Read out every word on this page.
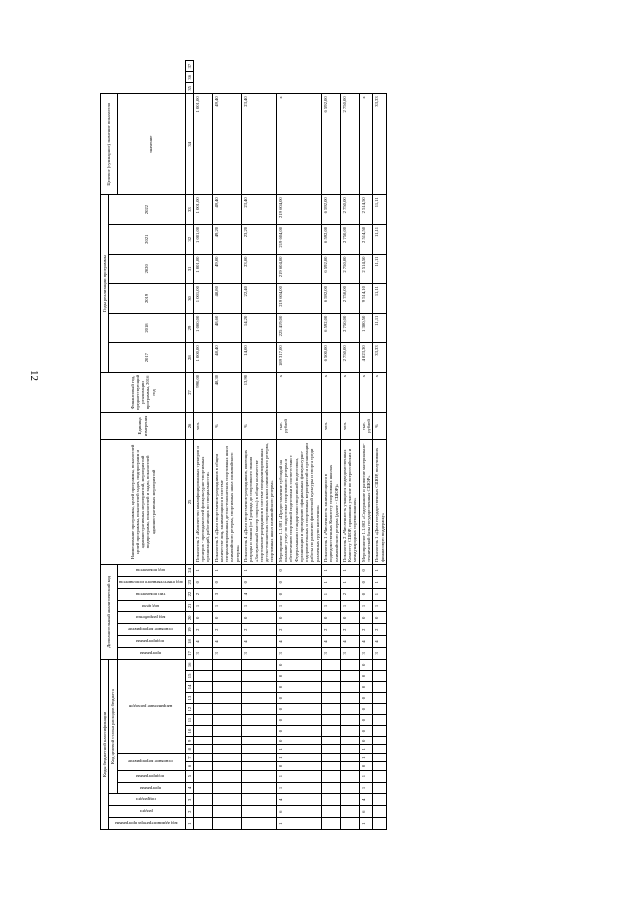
12
Коды бюджетной классификации																Дополнительный аналитический код								Наименование программы, целей программы, показателей целей программы, показателей задач, подпрограмм и административных мероприятий, мероприятий подпрограмм, показателей и задач, показателей административных мероприятий	Единица измерения	Финансовый год, предшествующий реализации программы, 2016 год	Годы реализации программы						Целевое (суммарное) значение показателя			
код администратора программы	раздел	подраздел	Код целевой статьи расходов бюджета																								2017	2018	2019	2020	2021	2022				
			программа	подпрограмма	основное мероприятие		направление расходов									программа	подпрограмма	основное мероприятие	код разработки	код цели	тип показателя	код ответственного исполнителя	код показателя										значение			
1	2	3	4	5	6	7	8	9	10	11	12	13	14	15	16	17	18	19	20	21	22	23	24	25	26	27	28	29	30	31	32	33	34	35	36	37
																3	4	2	0	1	2	0	1	Показатель 2 «Количество квалифицированных тренеров и тренеров - преподавателей физкультурно-спортивных организаций, работающих по специальности»	чел.	990,00	1 000,00	1 000,00	1 001,00	1 001,00	1 001,00	1 001,00	1 001,00			
																3	4	2	0	1	3	0	1	Показатель 3 «Доля спортсменов-разрядников в общем количестве лиц, занимающихся в системе специализированных детско-юношеских спортивных школ олимпийского резерва, спортивных школ олимпийского резерва»	%	48,30	48,40	48,60	48,80	49,00	49,20	49,40	49,40			
																3	4	2	0	1	4	0	1	Показатель 4 «Доля спортсменов-разрядников, имеющих разряды и звания (от I разряда до спортивного звания «Заслуженный мастер спорта») в общем количестве спортсменов-разрядников в системе специализированных детско-юношеских спортивных школ олимпийского резерва, спортивных школ олимпийского резерва»	%	13,90	14,00	14,20	22,40	23,00	23,20	23,40	23,40			
1	6	4	1	1	0	1	1	0	0	0	0	0	0	0	0	3	4	2	0	1	0	0	0	Мероприятие 1.1.001 «Предоставление субсидий на оказание услуг по подготовке спортивного резерва и обеспечению спортивной подготовки в соответствии с Федеральными стандартами спортивной подготовки, организации и проведению официальных физкультурно-оздоровительных и спортивных мероприятий и организации работы по развитию физической культуры и спорта среди различных групп населения»	тыс. рублей	x	189 317,00	225 419,00	219 604,00	219 604,00	219 604,00	219 604,00	x			
																3	4	2	0	1	1	1	1	Показатель 1 «Численность занимающихся в подведомственных Комитету спортивных школах олимпийского резерва (далее - СШОР)»	чел.	x	6 500,00	6 592,00	6 592,00	6 592,00	6 592,00	6 592,00	6 592,00			
																3	4	2	0	1	2	1	1	Показатель 2 «Численность учащихся подведомственных Комитету СШОР, принявших участие во всероссийских и международных соревнованиях»	чел.	x	2 750,00	2 750,00	2 750,00	2 750,00	2 750,00	2 750,00	2 750,00			
1	6	4	1	1	0	1	1	0	0	0	0	0	0	0	0	3	4	2	0	1	0	0	0	Мероприятие 1.1.002 «Содержание и развитие материально-технической базы государственных СШОР»	тыс. рублей	x	4 823,30	1 380,50	9 514,10	2 514,50	2 514,50	2 514,50	x			
																3	4	2	0	1	1	1	1	Показатель 1 «Доля государственных СШОР, получивших финансовую поддержку»	%	x	33,33	11,11	11,11	11,11	11,11	11,11	33,33			
